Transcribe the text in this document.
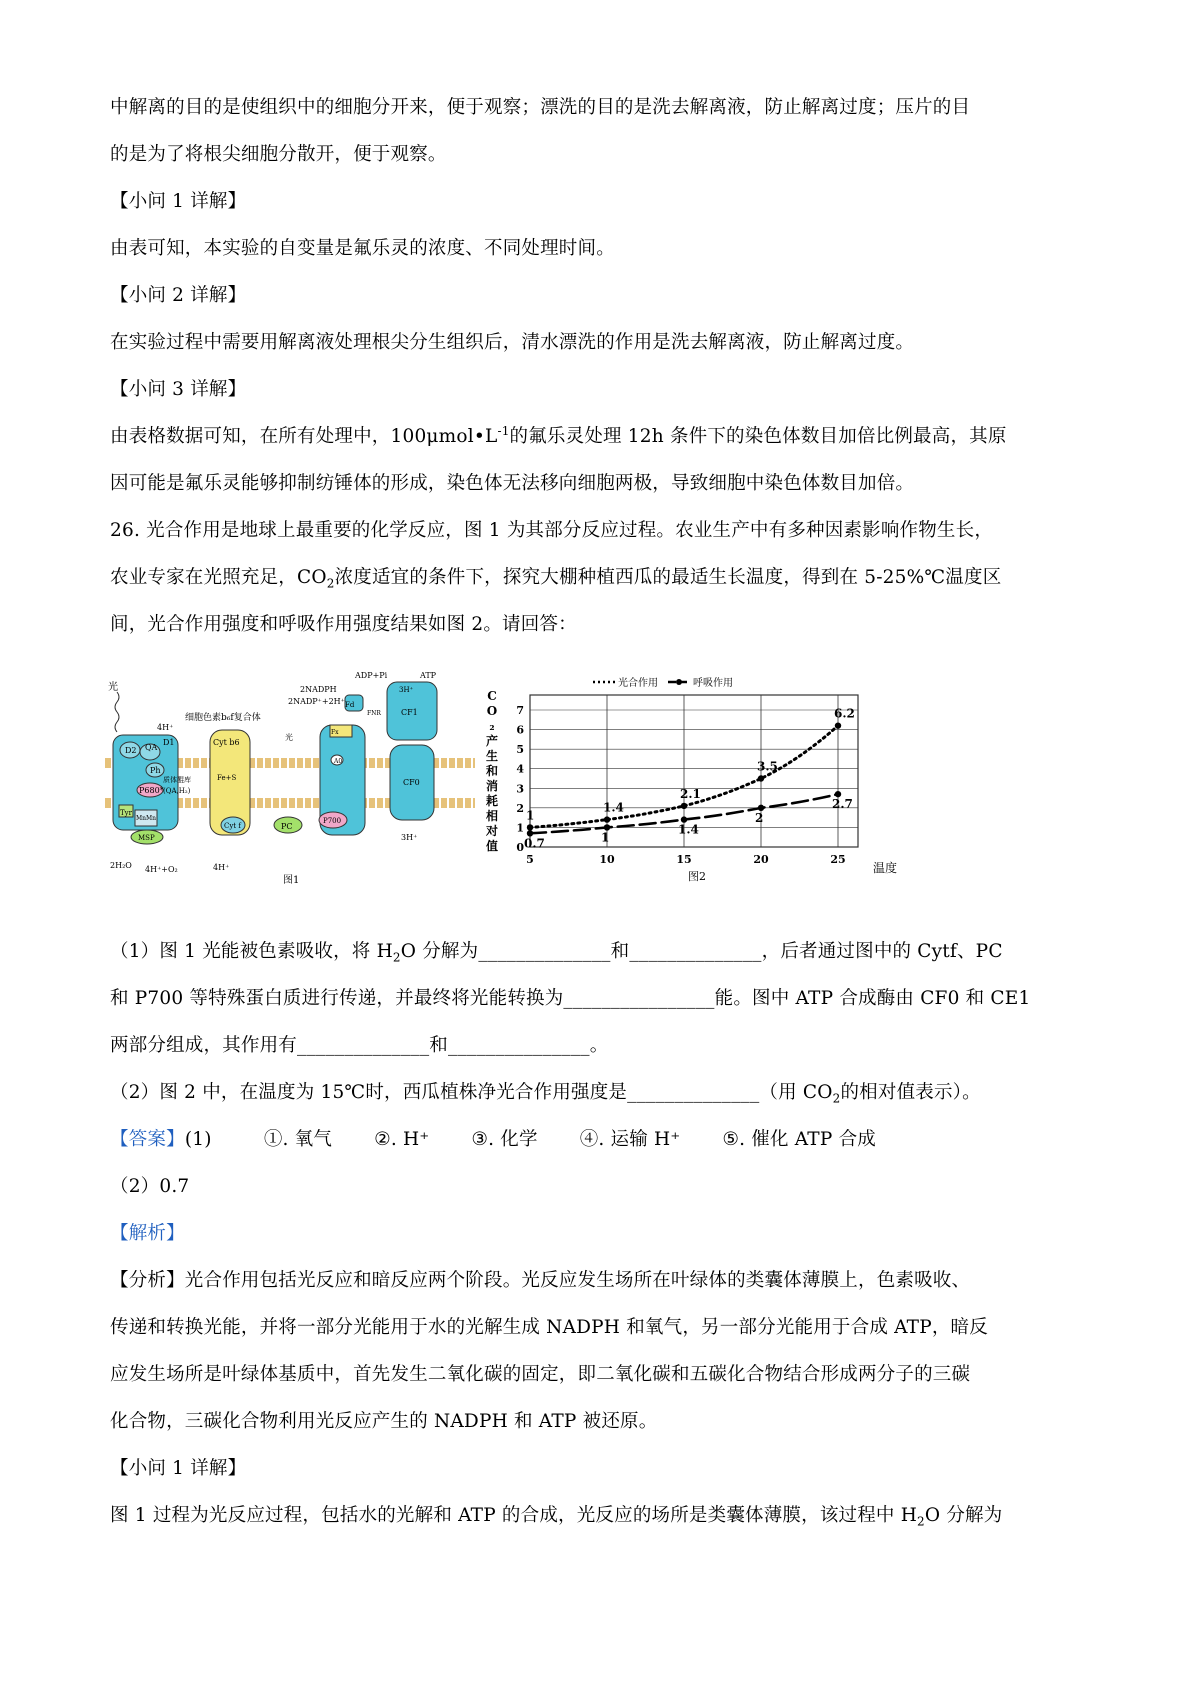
中解离的目的是使组织中的细胞分开来，便于观察；漂洗的目的是洗去解离液，防止解离过度；压片的目
的是为了将根尖细胞分散开，便于观察。
【小问 1 详解】
由表可知，本实验的自变量是氟乐灵的浓度、不同处理时间。
【小问 2 详解】
在实验过程中需要用解离液处理根尖分生组织后，清水漂洗的作用是洗去解离液，防止解离过度。
【小问 3 详解】
由表格数据可知，在所有处理中，$100\mu mol•L^{-1}$的氟乐灵处理 12h 条件下的染色体数目加倍比例最高，其原
因可能是氟乐灵能够抑制纺锤体的形成，染色体无法移向细胞两极，导致细胞中染色体数目加倍。
26. 光合作用是地球上最重要的化学反应，图 1 为其部分反应过程。农业生产中有多种因素影响作物生长，
农业专家在光照充足，$CO_2$浓度适宜的条件下，探究大棚种植西瓜的最适生长温度，得到在 5-25%℃温度区
间，光合作用强度和呼吸作用强度结果如图 2。请回答：
D2 QA
Ph
D1
P680*
Tyr
MnMn
MSP
质体醌库
(QA,H₂)
光
4H⁺
细胞色素b₆f复合体
Cyt b6
Fe+S
Cyt f	PC
光
Fx
A0
P700
Fd
FNR
2NADPH
2NADP⁺+2H⁺
CF1
CF0
ADP+Pi	ATP
3H⁺
3H⁺
2H₂O 4H⁺+O₂	4H⁺
图1
光合作用	呼吸作用
5	10	15	20	25
0
1
2
3
4
5
6
7
1
1.4
2.1
3.5
6.2
0.7	1
1.4
2
2.7
C
O
₂
产
生
和
消
耗
相
对
值
温度
图2
（1）图 1 光能被色素吸收，将 $H_2O$ 分解为______________和______________，后者通过图中的 Cytf、PC
和 P700 等特殊蛋白质进行传递，并最终将光能转换为________________能。图中 ATP 合成酶由 CF0 和 CE1
两部分组成，其作用有______________和_______________。
（2）图 2 中，在温度为 15℃时，西瓜植株净光合作用强度是______________（用 $CO_2$的相对值表示）。
【答案】(1)	①. 氧气 ②. H⁺ ③. 化学 ④. 运输 H⁺ ⑤. 催化 ATP 合成
（2）0.7
【解析】
【分析】光合作用包括光反应和暗反应两个阶段。光反应发生场所在叶绿体的类囊体薄膜上，色素吸收、
传递和转换光能，并将一部分光能用于水的光解生成 NADPH 和氧气，另一部分光能用于合成 ATP，暗反
应发生场所是叶绿体基质中，首先发生二氧化碳的固定，即二氧化碳和五碳化合物结合形成两分子的三碳
化合物，三碳化合物利用光反应产生的 NADPH 和 ATP 被还原。
【小问 1 详解】
图 1 过程为光反应过程，包括水的光解和 ATP 的合成，光反应的场所是类囊体薄膜，该过程中 $H_2O$ 分解为
